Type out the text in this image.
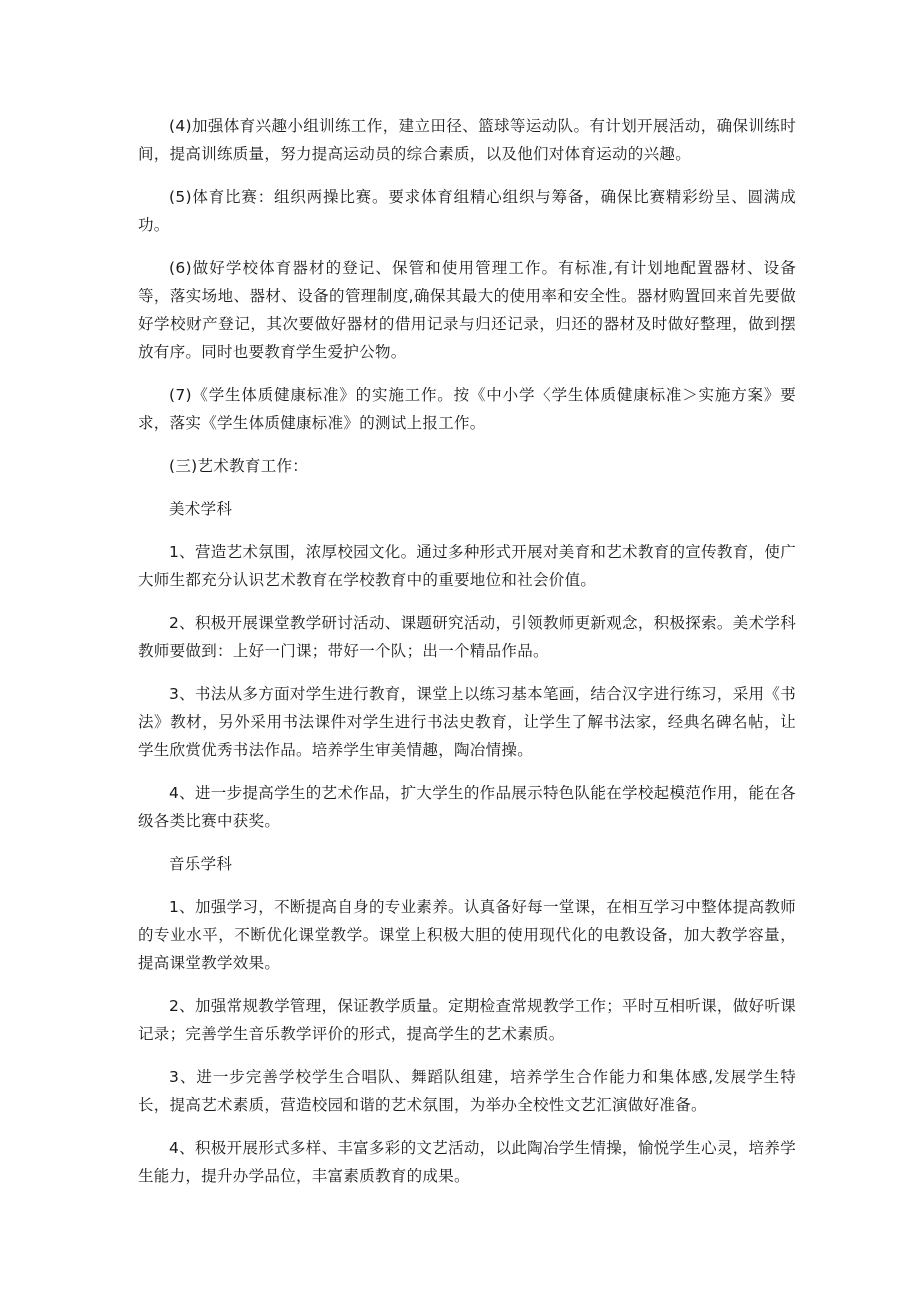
(4)加强体育兴趣小组训练工作，建立田径、篮球等运动队。有计划开展活动，确保训练时间，提高训练质量，努力提高运动员的综合素质，以及他们对体育运动的兴趣。

(5)体育比赛：组织两操比赛。要求体育组精心组织与筹备，确保比赛精彩纷呈、圆满成功。

(6)做好学校体育器材的登记、保管和使用管理工作。有标准,有计划地配置器材、设备等，落实场地、器材、设备的管理制度,确保其最大的使用率和安全性。器材购置回来首先要做好学校财产登记，其次要做好器材的借用记录与归还记录，归还的器材及时做好整理，做到摆放有序。同时也要教育学生爱护公物。

(7)《学生体质健康标准》的实施工作。按《中小学〈学生体质健康标准＞实施方案》要求，落实《学生体质健康标准》的测试上报工作。

(三)艺术教育工作：

美术学科

1、营造艺术氛围，浓厚校园文化。通过多种形式开展对美育和艺术教育的宣传教育，使广大师生都充分认识艺术教育在学校教育中的重要地位和社会价值。

2、积极开展课堂教学研讨活动、课题研究活动，引领教师更新观念，积极探索。美术学科教师要做到：上好一门课；带好一个队；出一个精品作品。

3、书法从多方面对学生进行教育，课堂上以练习基本笔画，结合汉字进行练习，采用《书法》教材，另外采用书法课件对学生进行书法史教育，让学生了解书法家，经典名碑名帖，让学生欣赏优秀书法作品。培养学生审美情趣，陶冶情操。

4、进一步提高学生的艺术作品，扩大学生的作品展示特色队能在学校起模范作用，能在各级各类比赛中获奖。

音乐学科

1、加强学习，不断提高自身的专业素养。认真备好每一堂课，在相互学习中整体提高教师的专业水平，不断优化课堂教学。课堂上积极大胆的使用现代化的电教设备，加大教学容量，提高课堂教学效果。

2、加强常规教学管理，保证教学质量。定期检查常规教学工作；平时互相听课，做好听课记录；完善学生音乐教学评价的形式，提高学生的艺术素质。

3、进一步完善学校学生合唱队、舞蹈队组建，培养学生合作能力和集体感,发展学生特长，提高艺术素质，营造校园和谐的艺术氛围，为举办全校性文艺汇演做好准备。

4、积极开展形式多样、丰富多彩的文艺活动，以此陶冶学生情操，愉悦学生心灵，培养学生能力，提升办学品位，丰富素质教育的成果。
